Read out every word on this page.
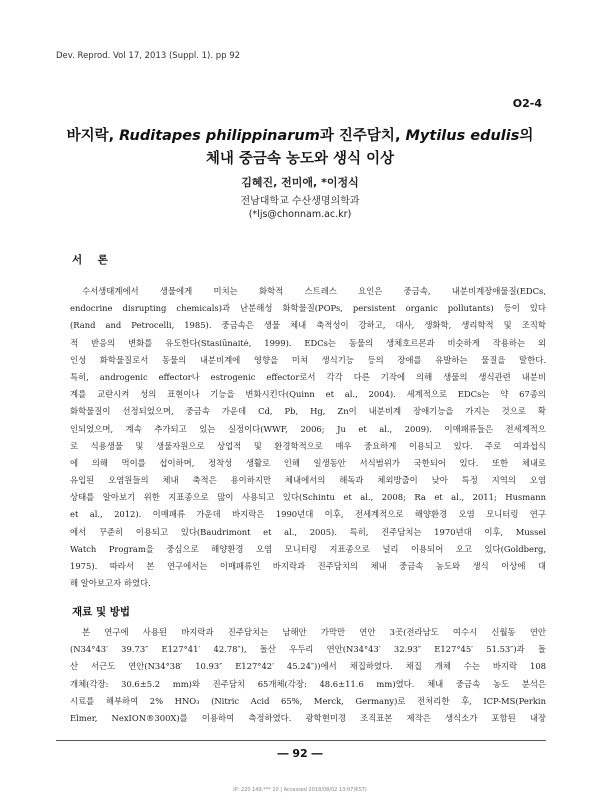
Dev. Reprod. Vol 17, 2013 (Suppl. 1). pp 92
O2-4
바지락, Ruditapes philippinarum과 진주담치, Mytilus edulis의
체내 중금속 농도와 생식 이상
김혜진, 전미애, *이정식
전남대학교 수산생명의학과
(*ljs@chonnam.ac.kr)
서 론
수서생태계에서 생물에게 미치는 화학적 스트레스 요인은 중금속, 내분비계장애물질(EDCs,
endocrine disrupting chemicals)과 난분해성 화학물질(POPs, persistent organic pollutants) 등이 있다
(Rand and Petrocelli, 1985). 중금속은 생물 체내 축적성이 강하고, 대사, 생화학, 생리학적 및 조직학
적 반응의 변화를 유도한다(Stasiūnaitė, 1999). EDCs는 동물의 생체호르몬과 비슷하게 작용하는 외
인성 화학물질로서 동물의 내분비계에 영향을 미쳐 생식기능 등의 장애를 유발하는 물질을 말한다.
특히, androgenic effector나 estrogenic effector로서 각각 다른 기작에 의해 생물의 생식관련 내분비
계를 교란시켜 성의 표현이나 기능을 변화시킨다(Quinn et al., 2004). 세계적으로 EDCs는 약 67종의
화학물질이 선정되었으며, 중금속 가운데 Cd, Pb, Hg, Zn이 내분비계 장애기능을 가지는 것으로 확
인되었으며, 계속 추가되고 있는 실정이다(WWF, 2006; Ju et al., 2009). 이매패류들은 전세계적으
로 식용생물 및 생물자원으로 상업적 및 환경학적으로 매우 중요하게 이용되고 있다. 주로 여과섭식
에 의해 먹이를 섭이하며, 정착성 생활로 인해 일생동안 서식범위가 국한되어 있다. 또한 체내로
유입된 오염원들의 체내 축적은 용이하지만 체내에서의 해독과 체외방출이 낮아 특정 지역의 오염
상태를 알아보기 위한 지표종으로 많이 사용되고 있다(Schintu et al., 2008; Ra et al., 2011; Husmann
et al., 2012). 이매패류 가운데 바지락은 1990년대 이후, 전세계적으로 해양환경 오염 모니터링 연구
에서 꾸준히 이용되고 있다(Baudrimont et al., 2005). 특히, 진주담치는 1970년대 이후, Mussel
Watch Program을 중심으로 해양환경 오염 모니터링 지표종으로 널리 이용되어 오고 있다(Goldberg,
1975). 따라서 본 연구에서는 이매패류인 바지락과 진주담치의 체내 중금속 농도와 생식 이상에 대
해 알아보고자 하였다.
재료 및 방법
본 연구에 사용된 바지락과 진주담치는 남해안 가막만 연안 3곳(전라남도 여수시 신월동 연안
(N34°43′ 39.73″ E127°41′ 42.78″), 돌산 우두리 연안(N34°43′ 32.93″ E127°45′ 51.53″)과 돌
산 서근도 연안(N34°38′ 10.93″ E127°42′ 45.24″))에서 채집하였다. 채집 개체 수는 바지락 108
개체(각장: 30.6±5.2 mm)와 진주담치 65개체(각장: 48.6±11.6 mm)였다. 체내 중금속 농도 분석은
시료를 해부하여 2% HNO₃ (Nitric Acid 65%, Merck, Germany)로 전처리한 후, ICP-MS(Perkin
Elmer, NexION®300X)를 이용하여 측정하였다. 광학현미경 조직표본 제작은 생식소가 포함된 내장
― 92 ―
IP: 220.149.*** 10 | Accessed 2018/08/02 13:07(KST)
